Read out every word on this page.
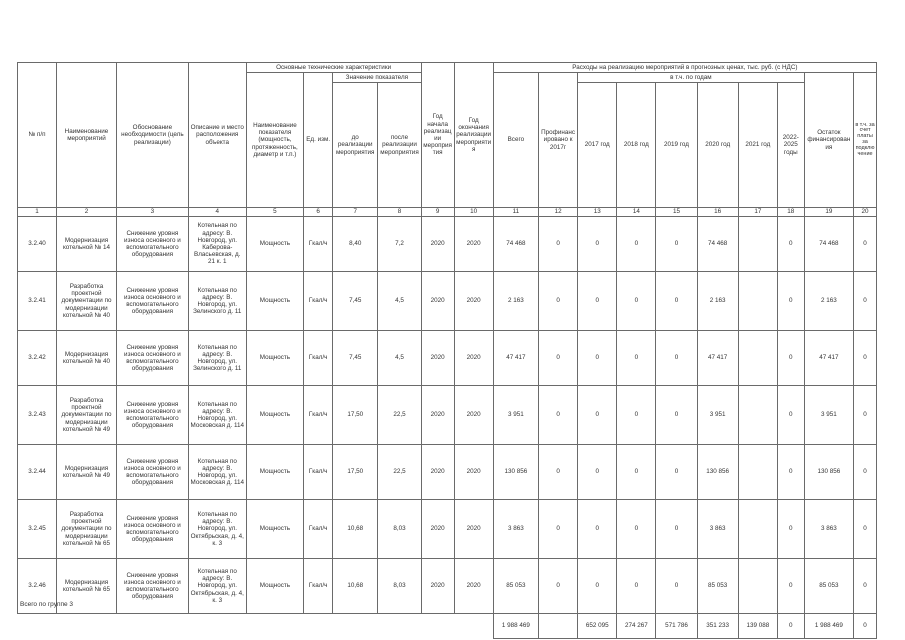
№ п/п	Наименование мероприятий	Обоснование необходимости (цель реализации)	Описание и место расположения объекта	Основные технические характеристики				Год начала реализации мероприятия	Год окончания реализации мероприятия	Расходы на реализацию мероприятий в прогнозных ценах, тыс. руб. (с НДС)									
				Наименование показателя (мощность, протяженность, диаметр и т.п.)	Ед. изм.	Значение показателя				Всего	Профинансировано к 2017г	в т.ч. по годам						Остаток финансирования	в т.ч. за счет платы за подключение
						до реализации мероприятия	после реализации мероприятия					2017 год	2018 год	2019 год	2020 год	2021 год	2022-2025 годы		
1	2	3	4	5	6	7	8	9	10	11	12	13	14	15	16	17	18	19	20
3.2.40	Модернизация котельной № 14	Снижение уровня износа основного и вспомогательного оборудования	Котельная по адресу: В. Новгород, ул. Каберова-Власьевская, д. 21 к. 1	Мощность	Гкал/ч	8,40	7,2	2020	2020	74 468	0	0	0	0	74 468		0	74 468	0
3.2.41	Разработка проектной документации по модернизации котельной № 40	Снижение уровня износа основного и вспомогательного оборудования	Котельная по адресу: В. Новгород, ул. Зелинского д. 11	Мощность	Гкал/ч	7,45	4,5	2020	2020	2 163	0	0	0	0	2 163		0	2 163	0
3.2.42	Модернизация котельной № 40	Снижение уровня износа основного и вспомогательного оборудования	Котельная по адресу: В. Новгород, ул. Зелинского д. 11	Мощность	Гкал/ч	7,45	4,5	2020	2020	47 417	0	0	0	0	47 417		0	47 417	0
3.2.43	Разработка проектной документации по модернизации котельной № 49	Снижение уровня износа основного и вспомогательного оборудования	Котельная по адресу: В. Новгород, ул. Московская д. 114	Мощность	Гкал/ч	17,50	22,5	2020	2020	3 951	0	0	0	0	3 951		0	3 951	0
3.2.44	Модернизация котельной № 49	Снижение уровня износа основного и вспомогательного оборудования	Котельная по адресу: В. Новгород, ул. Московская д. 114	Мощность	Гкал/ч	17,50	22,5	2020	2020	130 856	0	0	0	0	130 856		0	130 856	0
3.2.45	Разработка проектной документации по модернизации котельной № 65	Снижение уровня износа основного и вспомогательного оборудования	Котельная по адресу: В. Новгород, ул. Октябрьская, д. 4, к. 3	Мощность	Гкал/ч	10,68	8,03	2020	2020	3 863	0	0	0	0	3 863		0	3 863	0
3.2.46	Модернизация котельной № 65	Снижение уровня износа основного и вспомогательного оборудования	Котельная по адресу: В. Новгород, ул. Октябрьская, д. 4, к. 3	Мощность	Гкал/ч	10,68	8,03	2020	2020	85 053	0	0	0	0	85 053		0	85 053	0
										1 988 469		652 095	274 267	571 786	351 233	139 088	0	1 988 469	0
Всего по группе 3
